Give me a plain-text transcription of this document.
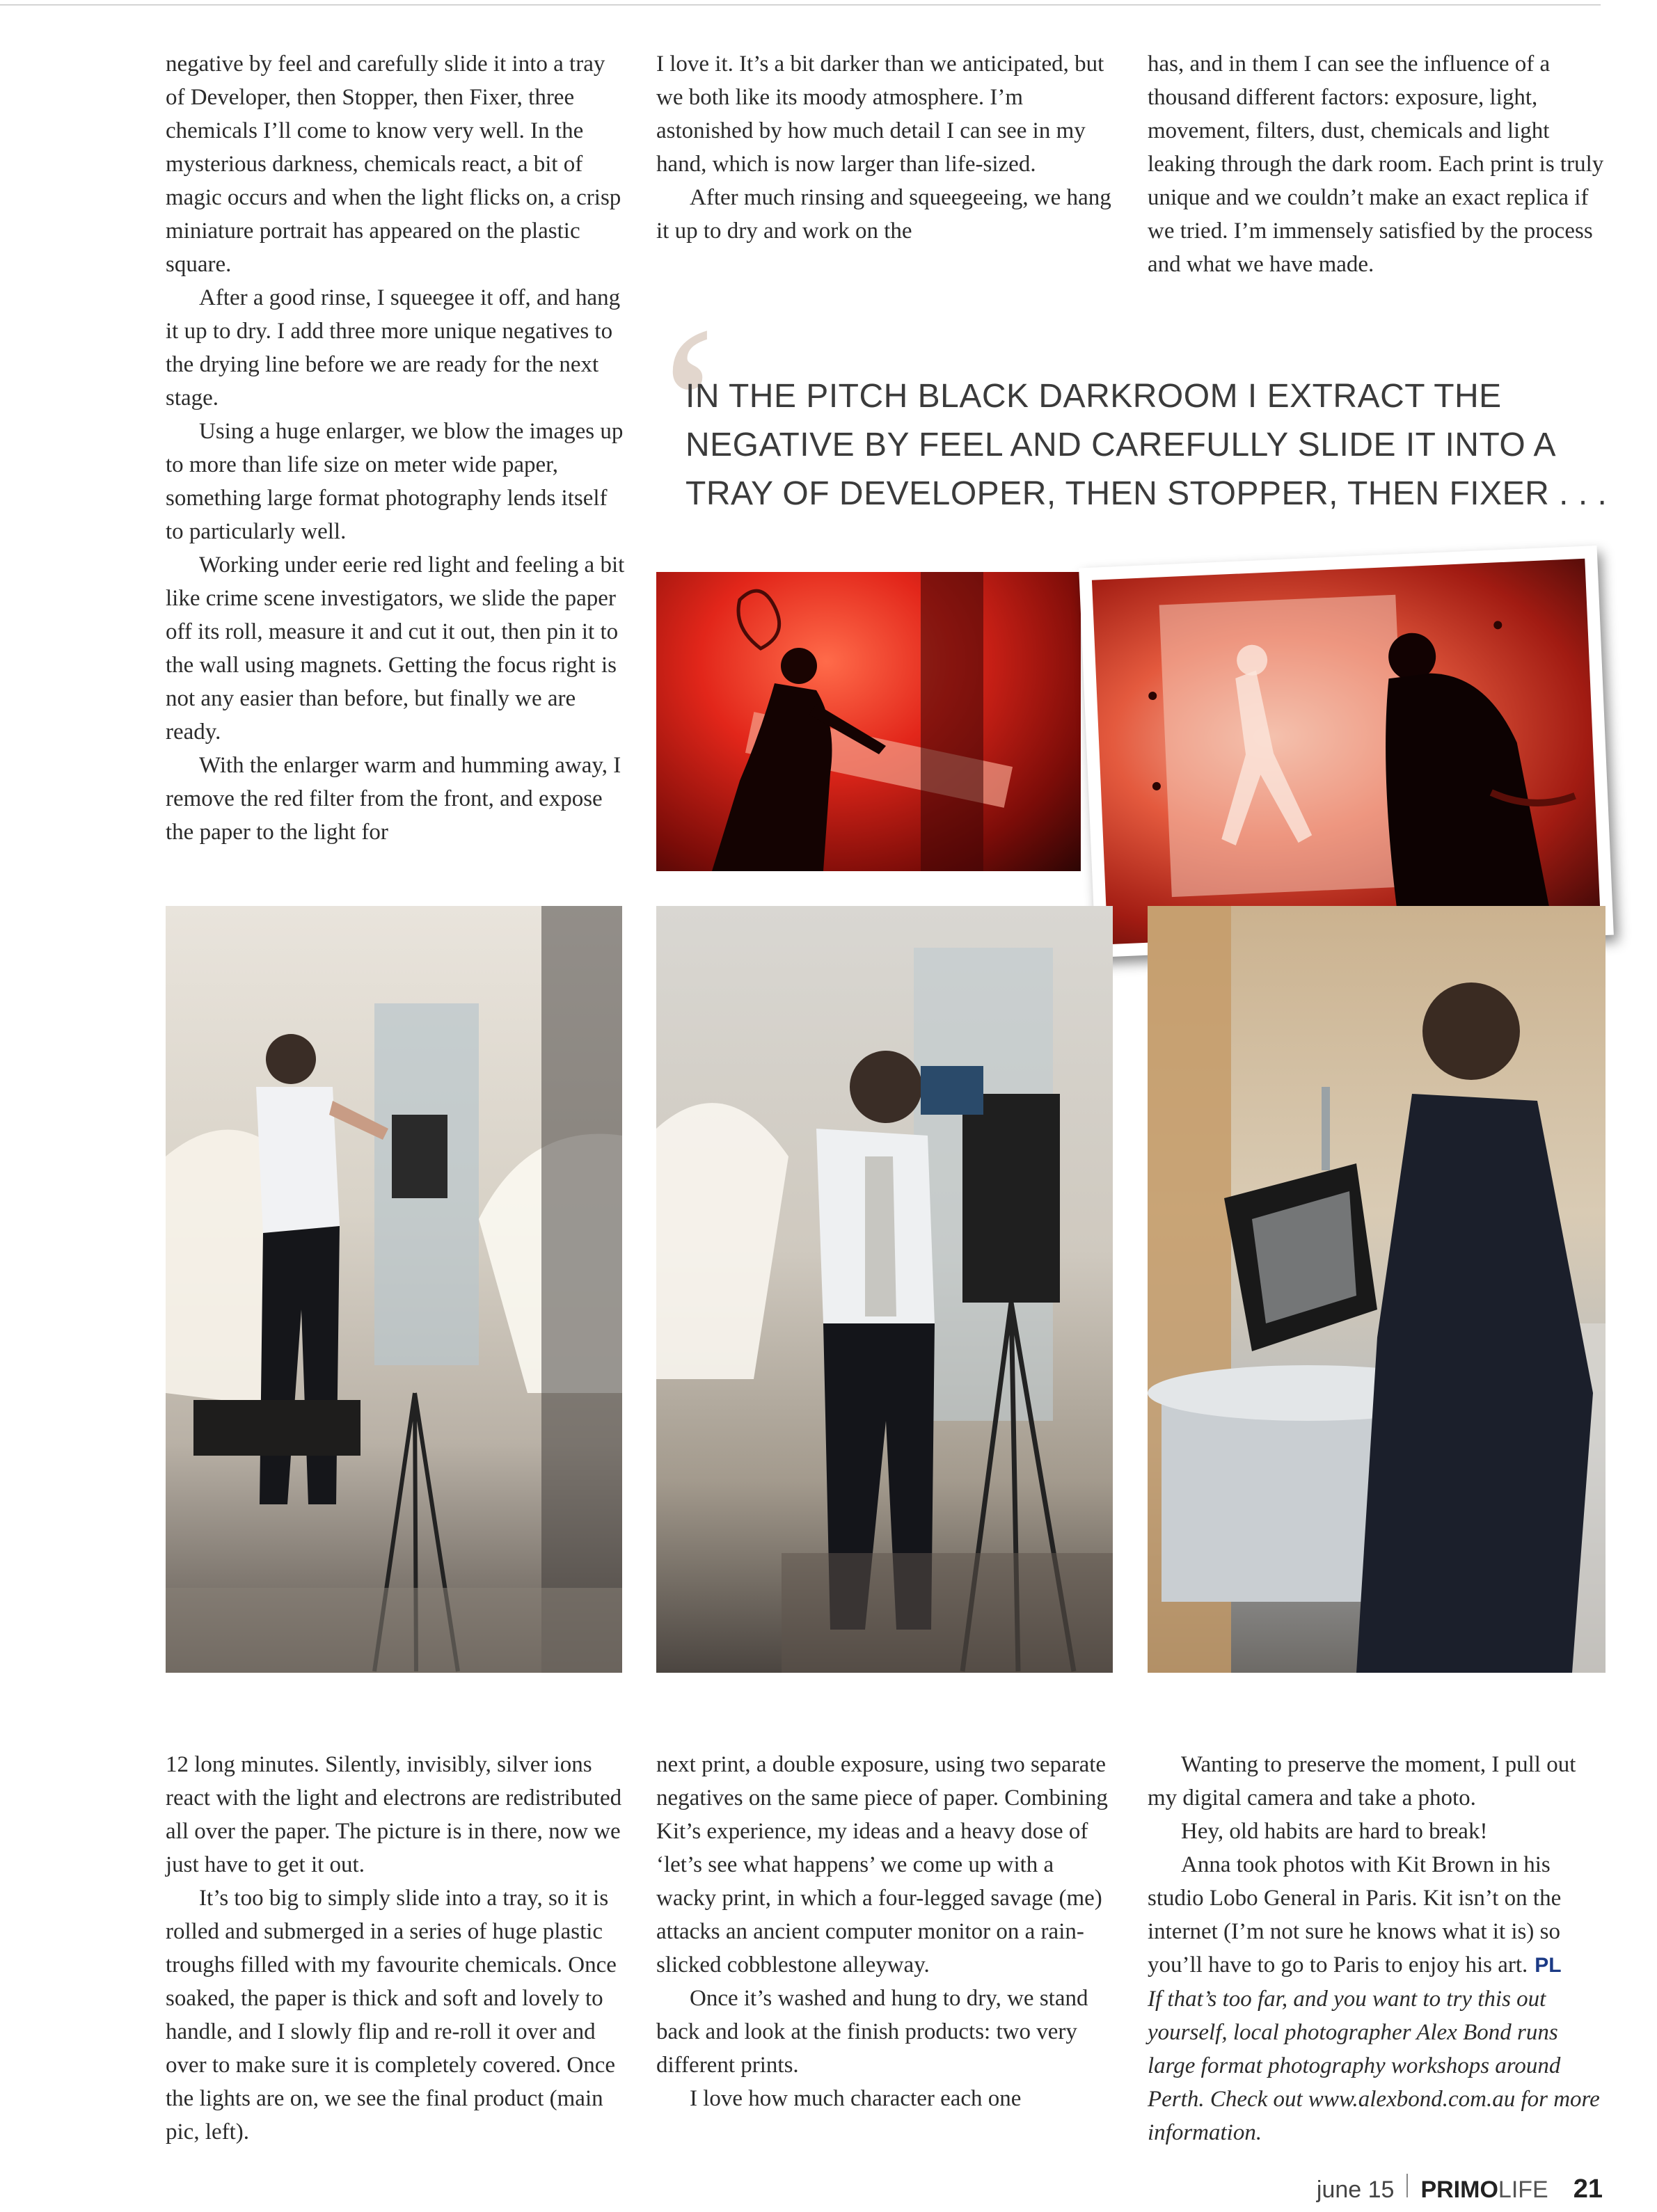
negative by feel and carefully slide it into a tray of Developer, then Stopper, then Fixer, three chemicals I’ll come to know very well. In the mysterious darkness, chemicals react, a bit of magic occurs and when the light flicks on, a crisp miniature portrait has appeared on the plastic square.

After a good rinse, I squeegee it off, and hang it up to dry. I add three more unique negatives to the drying line before we are ready for the next stage.

Using a huge enlarger, we blow the images up to more than life size on meter wide paper, something large format photography lends itself to particularly well.

Working under eerie red light and feeling a bit like crime scene investigators, we slide the paper off its roll, measure it and cut it out, then pin it to the wall using magnets. Getting the focus right is not any easier than before, but finally we are ready.

With the enlarger warm and humming away, I remove the red filter from the front, and expose the paper to the light for

I love it. It’s a bit darker than we anticipated, but we both like its moody atmosphere. I’m astonished by how much detail I can see in my hand, which is now larger than life-sized.

After much rinsing and squeegeeing, we hang it up to dry and work on the

has, and in them I can see the influence of a thousand different factors: exposure, light, movement, filters, dust, chemicals and light leaking through the dark room. Each print is truly unique and we couldn’t make an exact replica if we tried. I’m immensely satisfied by the process and what we have made.

‘
IN THE PITCH BLACK DARKROOM I EXTRACT THE NEGATIVE BY FEEL AND CAREFULLY SLIDE IT INTO A TRAY OF DEVELOPER, THEN STOPPER, THEN FIXER . . .

12 long minutes. Silently, invisibly, silver ions react with the light and electrons are redistributed all over the paper. The picture is in there, now we just have to get it out.

It’s too big to simply slide into a tray, so it is rolled and submerged in a series of huge plastic troughs filled with my favourite chemicals. Once soaked, the paper is thick and soft and lovely to handle, and I slowly flip and re-roll it over and over to make sure it is completely covered. Once the lights are on, we see the final product (main pic, left).

next print, a double exposure, using two separate negatives on the same piece of paper. Combining Kit’s experience, my ideas and a heavy dose of ‘let’s see what happens’ we come up with a wacky print, in which a four-legged savage (me) attacks an ancient computer monitor on a rain-slicked cobblestone alleyway.

Once it’s washed and hung to dry, we stand back and look at the finish products: two very different prints.

I love how much character each one

Wanting to preserve the moment, I pull out my digital camera and take a photo.

Hey, old habits are hard to break!

Anna took photos with Kit Brown in his studio Lobo General in Paris. Kit isn’t on the internet (I’m not sure he knows what it is) so you’ll have to go to Paris to enjoy his art. PL

If that’s too far, and you want to try this out yourself, local photographer Alex Bond runs large format photography workshops around Perth. Check out www.alexbond.com.au for more information.

june 15 PRIMO LIFE 21
